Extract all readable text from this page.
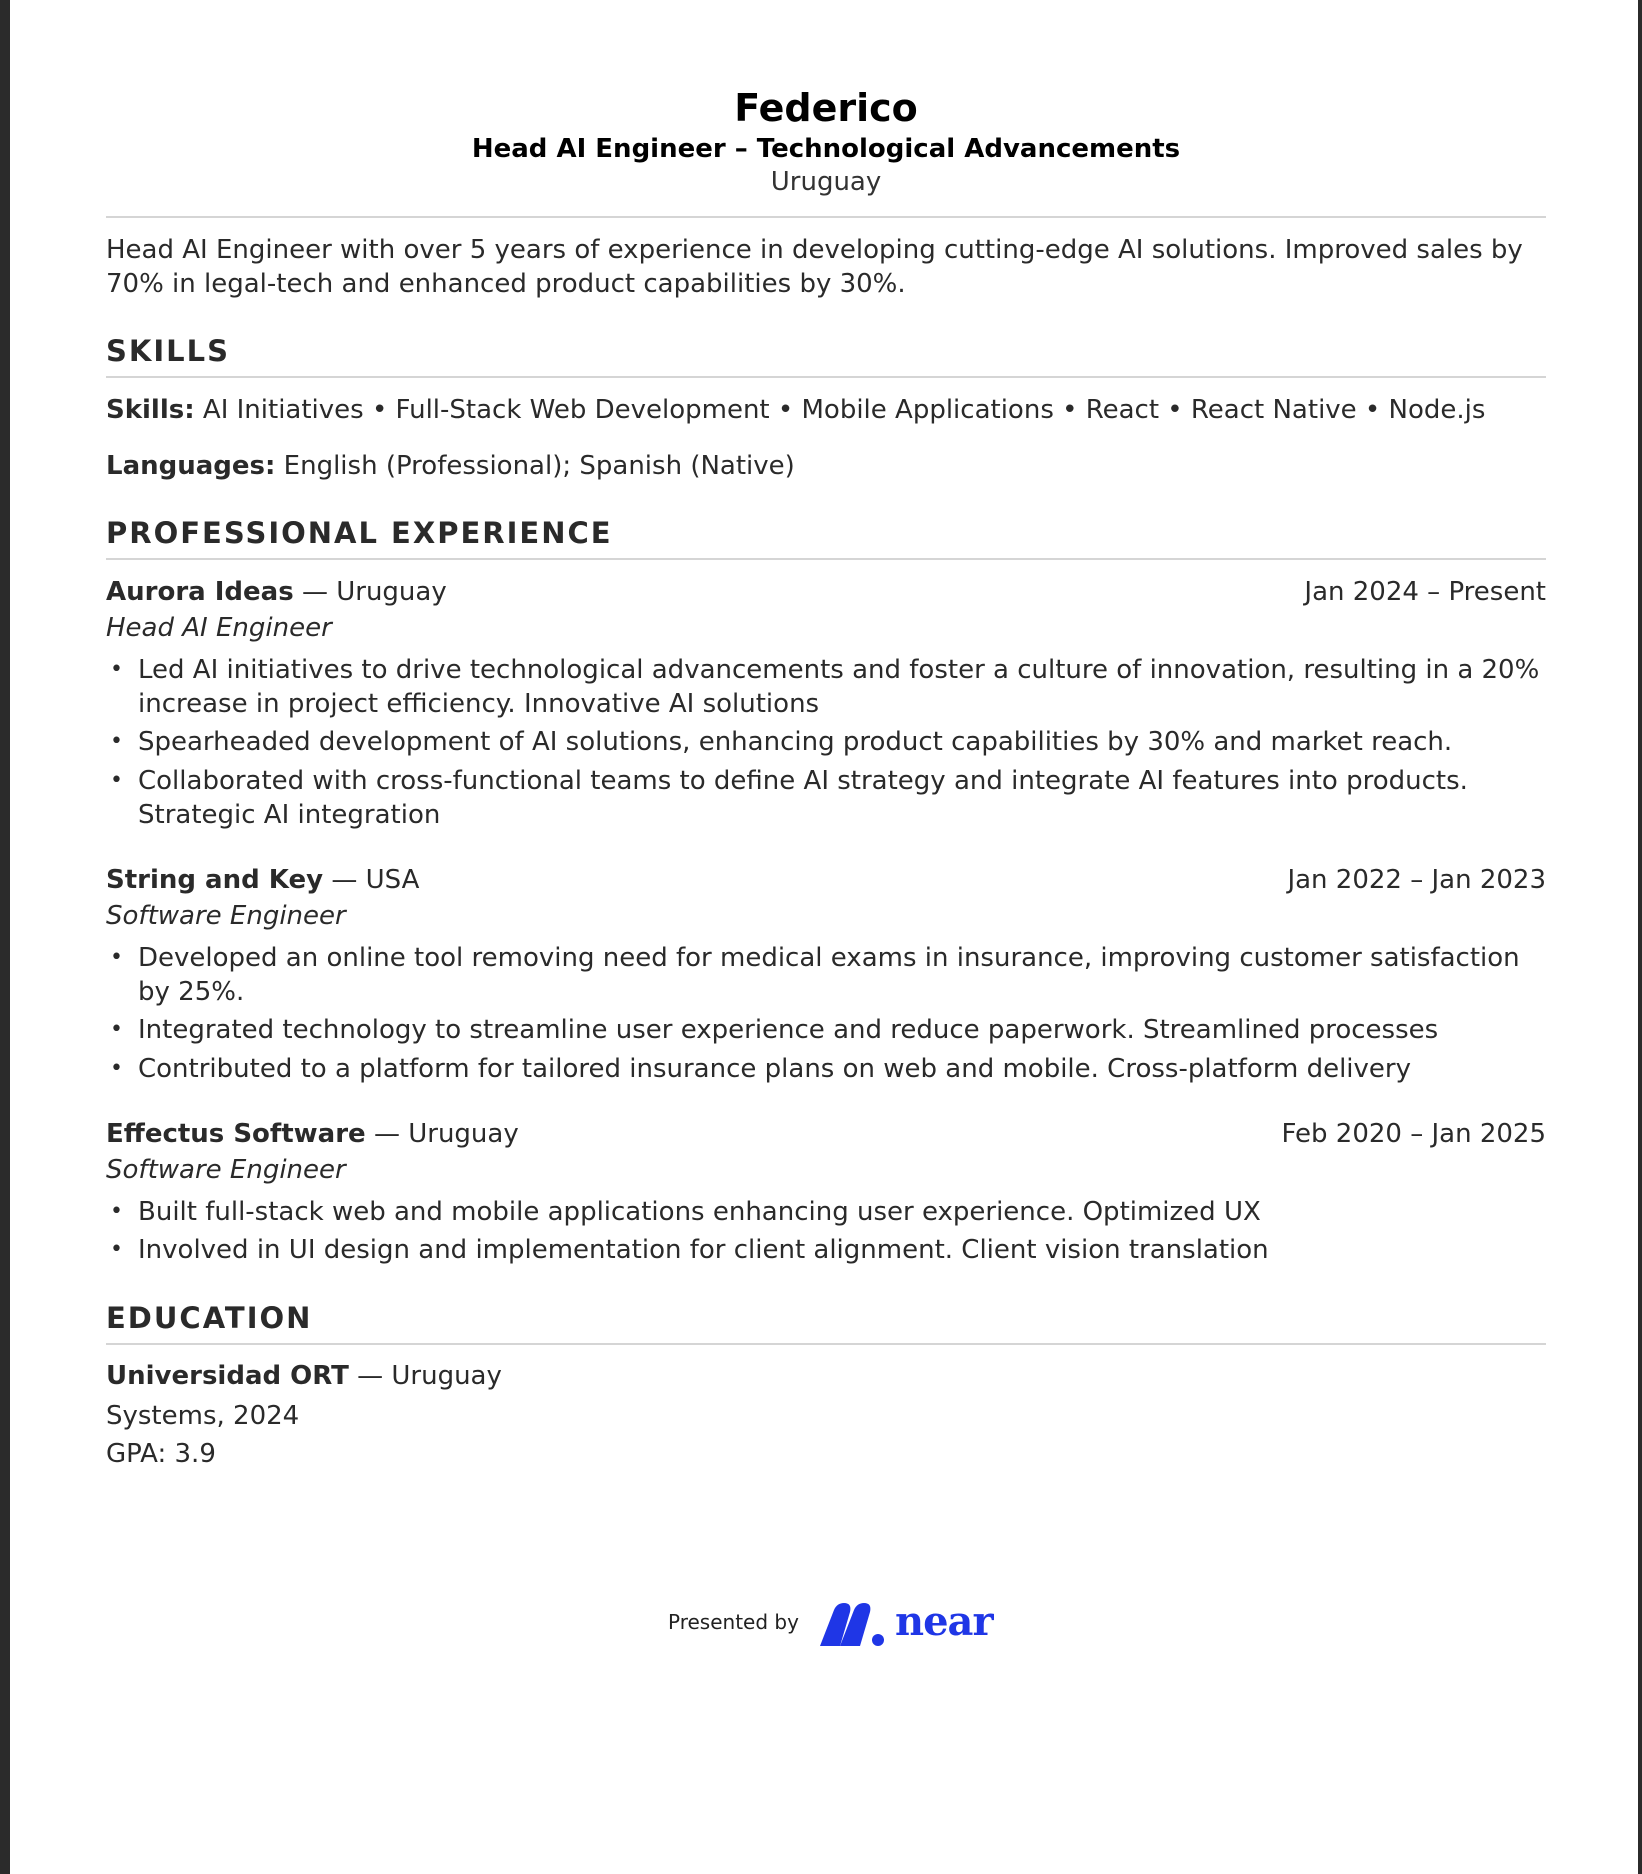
Federico
Head AI Engineer – Technological Advancements
Uruguay
Head AI Engineer with over 5 years of experience in developing cutting-edge AI solutions. Improved sales by 70% in legal-tech and enhanced product capabilities by 30%.
SKILLS
Skills: AI Initiatives • Full-Stack Web Development • Mobile Applications • React • React Native • Node.js
Languages: English (Professional); Spanish (Native)
PROFESSIONAL EXPERIENCE
Aurora Ideas — Uruguay	Jan 2024 – Present
Head AI Engineer
• Led AI initiatives to drive technological advancements and foster a culture of innovation, resulting in a 20% increase in project efficiency. Innovative AI solutions
• Spearheaded development of AI solutions, enhancing product capabilities by 30% and market reach.
• Collaborated with cross-functional teams to define AI strategy and integrate AI features into products. Strategic AI integration
String and Key — USA	Jan 2022 – Jan 2023
Software Engineer
• Developed an online tool removing need for medical exams in insurance, improving customer satisfaction by 25%.
• Integrated technology to streamline user experience and reduce paperwork. Streamlined processes
• Contributed to a platform for tailored insurance plans on web and mobile. Cross-platform delivery
Effectus Software — Uruguay	Feb 2020 – Jan 2025
Software Engineer
• Built full-stack web and mobile applications enhancing user experience. Optimized UX
• Involved in UI design and implementation for client alignment. Client vision translation
EDUCATION
Universidad ORT — Uruguay
Systems, 2024
GPA: 3.9
Presented by near
